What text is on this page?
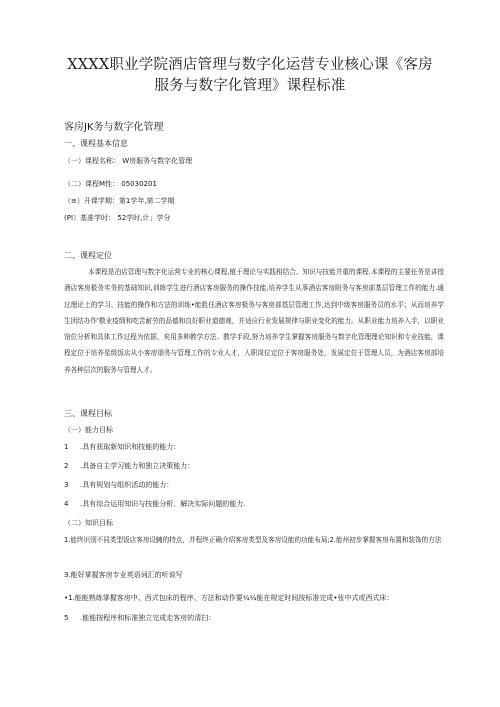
XXXX职业学院酒店管理与数字化运营专业核心课《客房服务与数字化管理》课程标准
客房JK务与数字化管理
一、课程基本信息
（一）课程名称： W房服务与数字化管理
（二）课程M性： 05030201
（≡）开课学期：第1学年,第二学期
(PI）基准学时： 52学时,计」学分
二、课程定位
本课程是泊店管理与数字化运营专业的核心课程,植于理论与实践相结合、知识与技能并重的课程.本课程的主要任务是讲授酒店客房极务实务的基础知识,训练学生进行酒店客房服务的操作技能,培养学生从事酒店客房附务与客房部基层管理工作的能力.通过理论上的学习、技能的操作和方法的训练•能胜任酒店客房极务与客房部基层管理工作,达到中级客房服务员的水平；从而培养学生团结办作'敬业疫纲和吃苦耐劳的品德和良好职业道德观，并适应行业发展规律与职业变化的能力。从职业能力培养入手，以职业馆位分析和具体工作过程为依据，矣用多种教学方法、教学手段,努力培养学生掌握客房服务与数字化管理理论知识和专业技能，课程定位于培养星级饭店从小客房朋务与管理工作的专业人才，入职岗位定位于客房服务处，发展定位于管理人员，为酒店客房部培养各种层次的服务与管理人才。
三、课程目标
（一）能力目标
1 .具有获取新知识和技能的能力：
2 .具备自主学习能力和独立决策能力：
3 .具有规划与组织活动的能力：
4 .具有综合运用知识与技能分析、解决实际问题的能力.
（二）知识目标
1.能终识别不同类型饭店客房设臃的特点，并程终正确介绍客房类型及客房设能的功能布局;2.能州初步掌握客房布置和装饰的方法
3.能好掌握客房专业英语词汇的听说写
•1.能能熟练掌握客房中、西式包床的程序、方法和动作要¼¼能在规定时间按标准完成•张中式或西式床：
5 .能能按程序和标准独立完成走客房的清扫：
